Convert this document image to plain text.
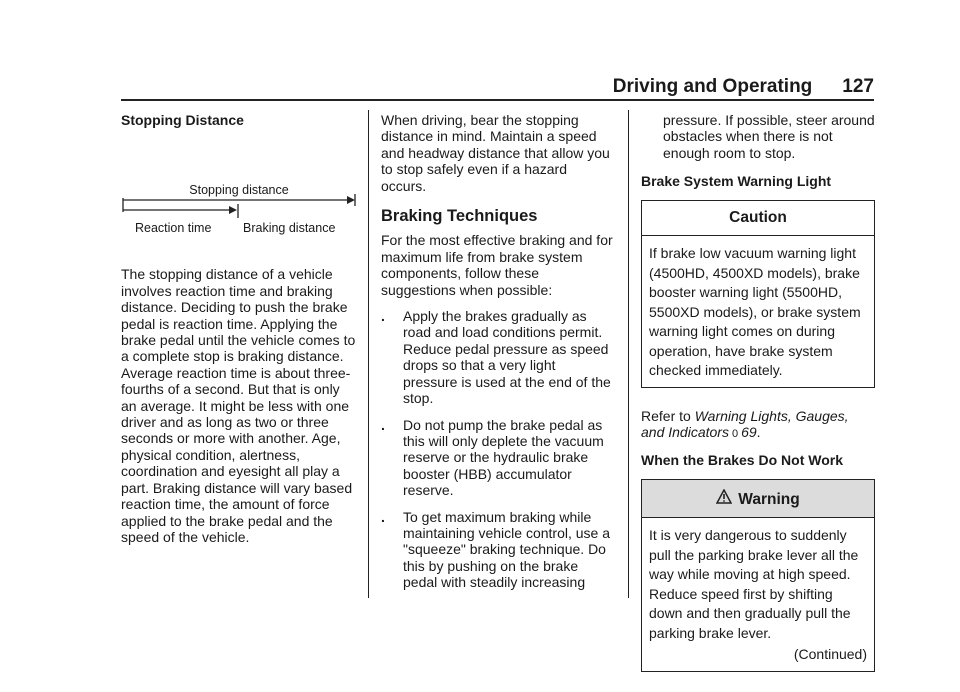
Driving and Operating 127
Stopping Distance
Stopping distance
Reaction time	Braking distance

The stopping distance of a vehicle involves reaction time and braking distance. Deciding to push the brake pedal is reaction time. Applying the brake pedal until the vehicle comes to a complete stop is braking distance. Average reaction time is about three-fourths of a second. But that is only an average. It might be less with one driver and as long as two or three seconds or more with another. Age, physical condition, alertness, coordination and eyesight all play a part. Braking distance will vary based reaction time, the amount of force applied to the brake pedal and the speed of the vehicle.

When driving, bear the stopping distance in mind. Maintain a speed and headway distance that allow you to stop safely even if a hazard occurs.

Braking Techniques

For the most effective braking and for maximum life from brake system components, follow these suggestions when possible:

.	Apply the brakes gradually as road and load conditions permit. Reduce pedal pressure as speed drops so that a very light pressure is used at the end of the stop.
.	Do not pump the brake pedal as this will only deplete the vacuum reserve or the hydraulic brake booster (HBB) accumulator reserve.
.	To get maximum braking while maintaining vehicle control, use a "squeeze" braking technique. Do this by pushing on the brake pedal with steadily increasing
pressure. If possible, steer around obstacles when there is not enough room to stop.
Brake System Warning Light
Caution
If brake low vacuum warning light (4500HD, 4500XD models), brake booster warning light (5500HD, 5500XD models), or brake system warning light comes on during operation, have brake system checked immediately.

Refer to Warning Lights, Gauges, and Indicators 0 69.

When the Brakes Do Not Work
Warning
It is very dangerous to suddenly pull the parking brake lever all the way while moving at high speed. Reduce speed first by shifting down and then gradually pull the parking brake lever.
(Continued)
